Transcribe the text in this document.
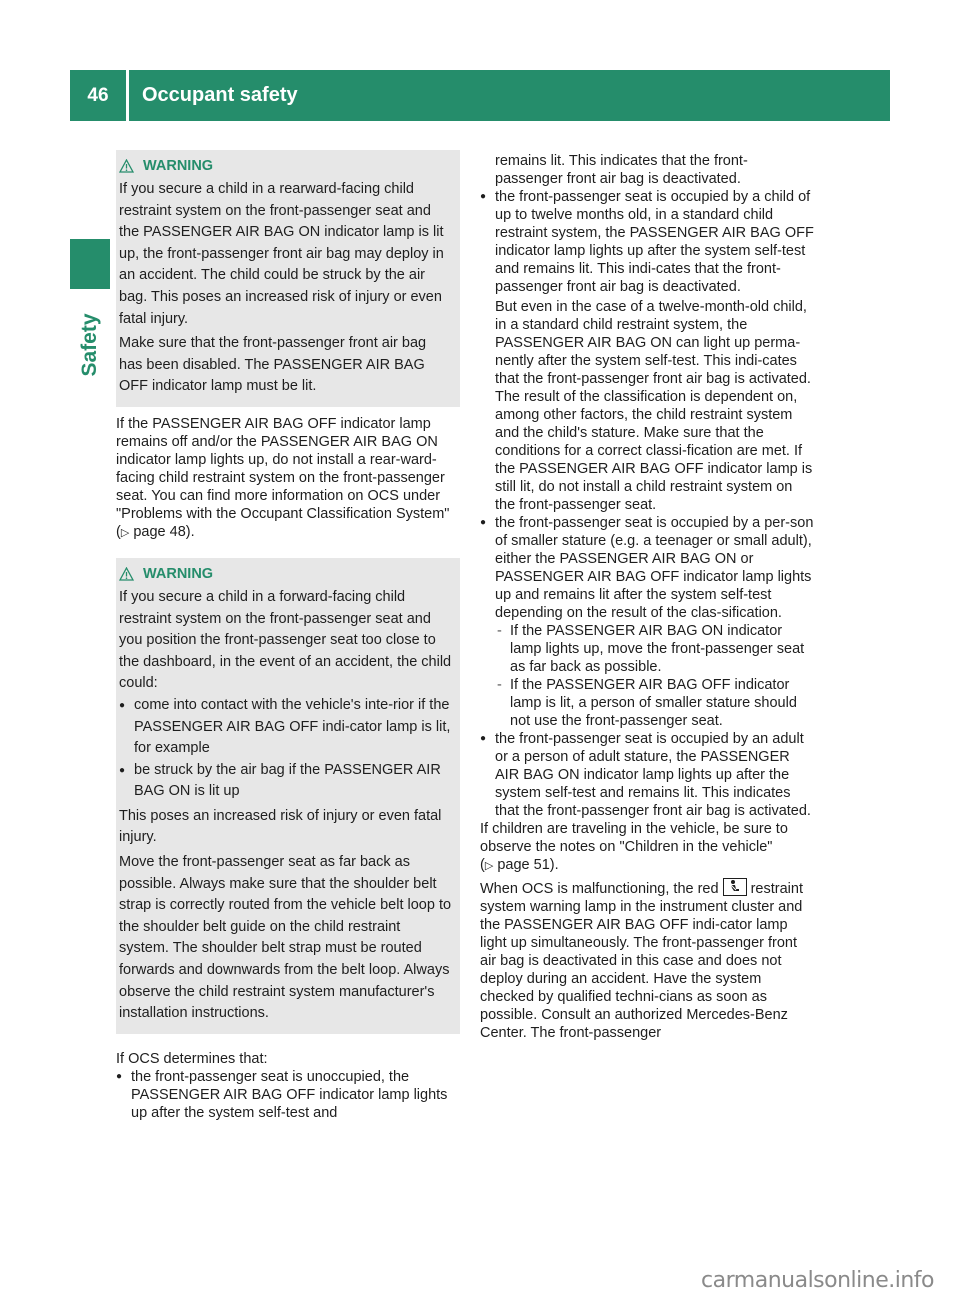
46	Occupant safety
Safety
WARNING

If you secure a child in a rearward-facing child restraint system on the front-passenger seat and the PASSENGER AIR BAG ON indicator lamp is lit up, the front-passenger front air bag may deploy in an accident. The child could be struck by the air bag. This poses an increased risk of injury or even fatal injury.

Make sure that the front-passenger front air bag has been disabled. The PASSENGER AIR BAG OFF indicator lamp must be lit.

If the PASSENGER AIR BAG OFF indicator lamp remains off and/or the PASSENGER AIR BAG ON indicator lamp lights up, do not install a rear-ward-facing child restraint system on the front-passenger seat. You can find more information on OCS under "Problems with the Occupant Classification System" (▷ page 48).

WARNING

If you secure a child in a forward-facing child restraint system on the front-passenger seat and you position the front-passenger seat too close to the dashboard, in the event of an accident, the child could:

● come into contact with the vehicle's inte-rior if the PASSENGER AIR BAG OFF indi-cator lamp is lit, for example
● be struck by the air bag if the PASSENGER AIR BAG ON is lit up

This poses an increased risk of injury or even fatal injury.

Move the front-passenger seat as far back as possible. Always make sure that the shoulder belt strap is correctly routed from the vehicle belt loop to the shoulder belt guide on the child restraint system. The shoulder belt strap must be routed forwards and downwards from the belt loop. Always observe the child restraint system manufacturer's installation instructions.

If OCS determines that:

● the front-passenger seat is unoccupied, the PASSENGER AIR BAG OFF indicator lamp lights up after the system self-test and

remains lit. This indicates that the front-passenger front air bag is deactivated.

● the front-passenger seat is occupied by a child of up to twelve months old, in a standard child restraint system, the PASSENGER AIR BAG OFF indicator lamp lights up after the system self-test and remains lit. This indi-cates that the front-passenger front air bag is deactivated.

But even in the case of a twelve-month-old child, in a standard child restraint system, the PASSENGER AIR BAG ON can light up perma-nently after the system self-test. This indi-cates that the front-passenger front air bag is activated. The result of the classification is dependent on, among other factors, the child restraint system and the child's stature. Make sure that the conditions for a correct classi-fication are met. If the PASSENGER AIR BAG OFF indicator lamp is still lit, do not install a child restraint system on the front-passenger seat.

● the front-passenger seat is occupied by a per-son of smaller stature (e.g. a teenager or small adult), either the PASSENGER AIR BAG ON or PASSENGER AIR BAG OFF indicator lamp lights up and remains lit after the system self-test depending on the result of the clas-sification.

- If the PASSENGER AIR BAG ON indicator lamp lights up, move the front-passenger seat as far back as possible.
- If the PASSENGER AIR BAG OFF indicator lamp is lit, a person of smaller stature should not use the front-passenger seat.
● the front-passenger seat is occupied by an adult or a person of adult stature, the PASSENGER AIR BAG ON indicator lamp lights up after the system self-test and remains lit. This indicates that the front-passenger front air bag is activated.

If children are traveling in the vehicle, be sure to observe the notes on "Children in the vehicle" (▷ page 51).

When OCS is malfunctioning, the red restraint system warning lamp in the instrument cluster and the PASSENGER AIR BAG OFF indi-cator lamp light up simultaneously. The front-passenger front air bag is deactivated in this case and does not deploy during an accident. Have the system checked by qualified techni-cians as soon as possible. Consult an authorized Mercedes-Benz Center. The front-passenger

carmanualsonline.info
